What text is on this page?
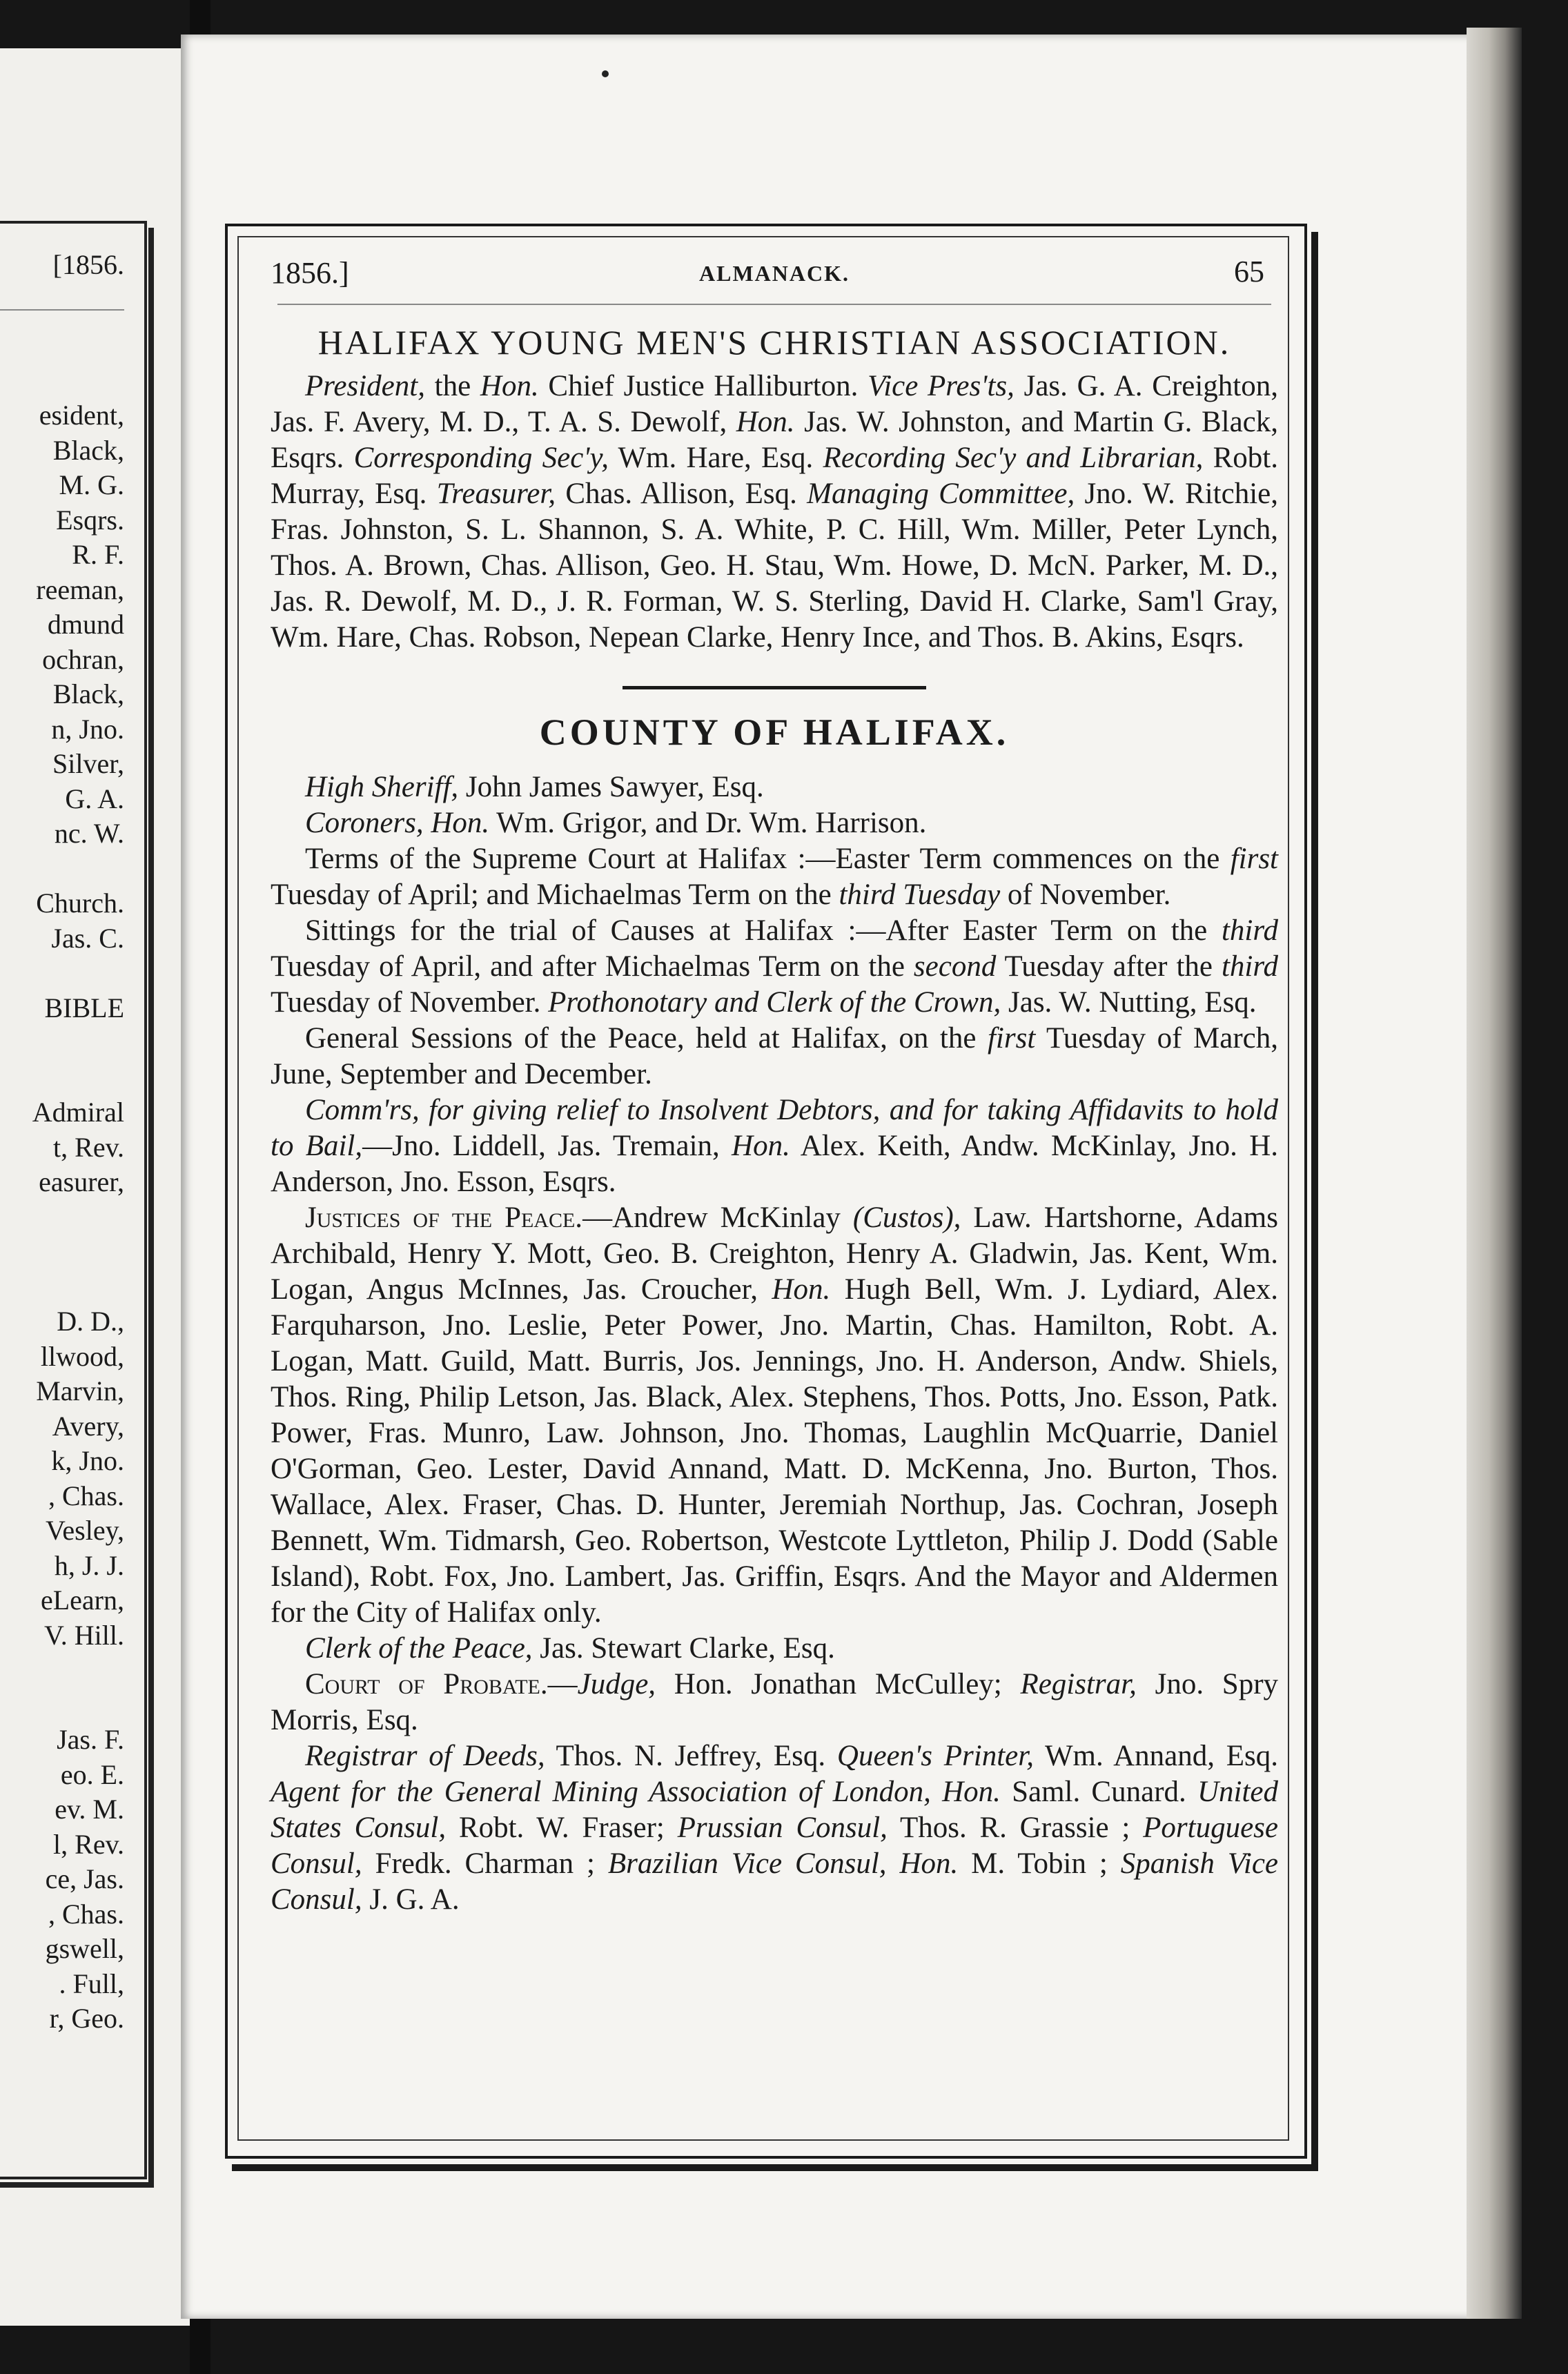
[1856.
esident,
Black,
M. G.
Esqrs.
R. F.
reeman,
dmund
ochran,
Black,
n, Jno.
Silver,
G. A.
nc. W.
Church.
Jas. C.
BIBLE
Admiral
t, Rev.
easurer,
D. D.,
llwood,
Marvin,
Avery,
k, Jno.
, Chas.
Vesley,
h, J. J.
eLearn,
V. Hill.
Jas. F.
eo. E.
ev. M.
l, Rev.
ce, Jas.
, Chas.
gswell,
. Full,
r, Geo.
1856.]	ALMANACK.	65
HALIFAX YOUNG MEN'S CHRISTIAN ASSOCIATION.
President, the Hon. Chief Justice Halliburton. Vice Pres'ts, Jas. G. A. Creighton, Jas. F. Avery, M. D., T. A. S. Dewolf, Hon. Jas. W. Johnston, and Martin G. Black, Esqrs. Corresponding Sec'y, Wm. Hare, Esq. Recording Sec'y and Librarian, Robt. Murray, Esq. Treasurer, Chas. Allison, Esq. Managing Committee, Jno. W. Ritchie, Fras. Johnston, S. L. Shannon, S. A. White, P. C. Hill, Wm. Miller, Peter Lynch, Thos. A. Brown, Chas. Allison, Geo. H. Stau, Wm. Howe, D. McN. Parker, M. D., Jas. R. Dewolf, M. D., J. R. Forman, W. S. Sterling, David H. Clarke, Sam'l Gray, Wm. Hare, Chas. Robson, Nepean Clarke, Henry Ince, and Thos. B. Akins, Esqrs.
COUNTY OF HALIFAX.
High Sheriff, John James Sawyer, Esq.
Coroners, Hon. Wm. Grigor, and Dr. Wm. Harrison.
Terms of the Supreme Court at Halifax :—Easter Term commences on the first Tuesday of April; and Michaelmas Term on the third Tuesday of November.
Sittings for the trial of Causes at Halifax :—After Easter Term on the third Tuesday of April, and after Michaelmas Term on the second Tuesday after the third Tuesday of November. Prothonotary and Clerk of the Crown, Jas. W. Nutting, Esq.
General Sessions of the Peace, held at Halifax, on the first Tuesday of March, June, September and December.
Comm'rs, for giving relief to Insolvent Debtors, and for taking Affidavits to hold to Bail,—Jno. Liddell, Jas. Tremain, Hon. Alex. Keith, Andw. McKinlay, Jno. H. Anderson, Jno. Esson, Esqrs.
Justices of the Peace.—Andrew McKinlay (Custos), Law. Hartshorne, Adams Archibald, Henry Y. Mott, Geo. B. Creighton, Henry A. Gladwin, Jas. Kent, Wm. Logan, Angus McInnes, Jas. Croucher, Hon. Hugh Bell, Wm. J. Lydiard, Alex. Farquharson, Jno. Leslie, Peter Power, Jno. Martin, Chas. Hamilton, Robt. A. Logan, Matt. Guild, Matt. Burris, Jos. Jennings, Jno. H. Anderson, Andw. Shiels, Thos. Ring, Philip Letson, Jas. Black, Alex. Stephens, Thos. Potts, Jno. Esson, Patk. Power, Fras. Munro, Law. Johnson, Jno. Thomas, Laughlin McQuarrie, Daniel O'Gorman, Geo. Lester, David Annand, Matt. D. McKenna, Jno. Burton, Thos. Wallace, Alex. Fraser, Chas. D. Hunter, Jeremiah Northup, Jas. Cochran, Joseph Bennett, Wm. Tidmarsh, Geo. Robertson, Westcote Lyttleton, Philip J. Dodd (Sable Island), Robt. Fox, Jno. Lambert, Jas. Griffin, Esqrs. And the Mayor and Aldermen for the City of Halifax only.
Clerk of the Peace, Jas. Stewart Clarke, Esq.
Court of Probate.—Judge, Hon. Jonathan McCulley; Registrar, Jno. Spry Morris, Esq.
Registrar of Deeds, Thos. N. Jeffrey, Esq. Queen's Printer, Wm. Annand, Esq. Agent for the General Mining Association of London, Hon. Saml. Cunard. United States Consul, Robt. W. Fraser; Prussian Consul, Thos. R. Grassie ; Portuguese Consul, Fredk. Charman ; Brazilian Vice Consul, Hon. M. Tobin ; Spanish Vice Consul, J. G. A.
